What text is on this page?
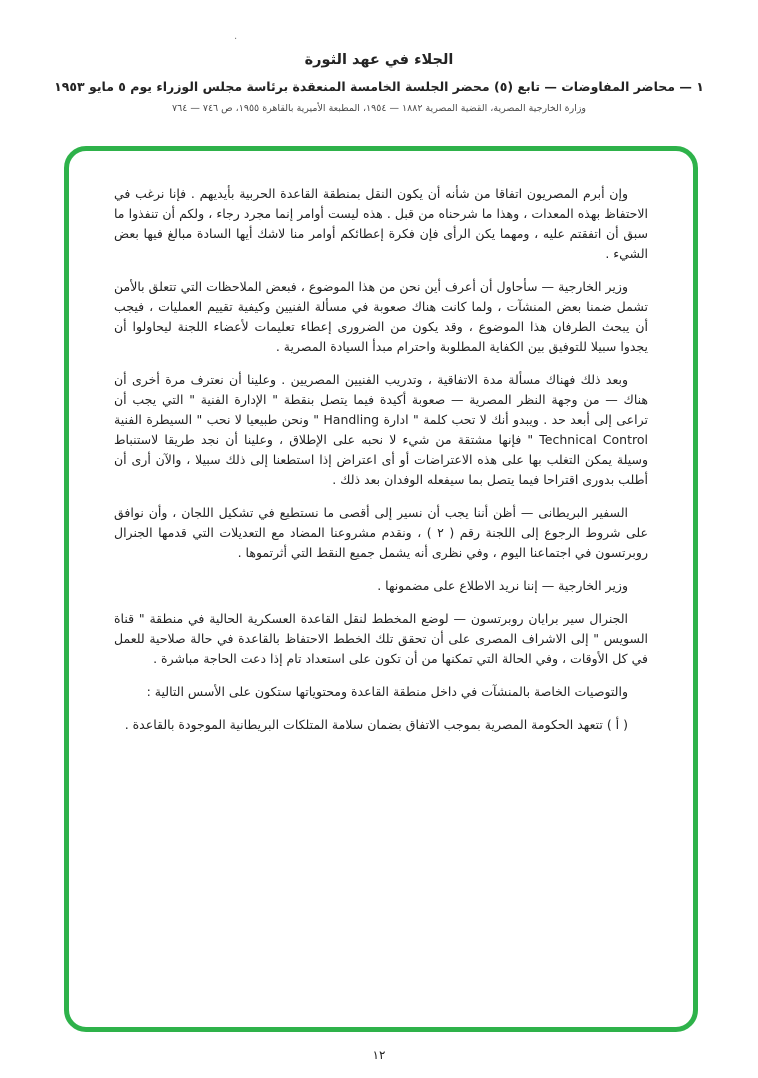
·

الجلاء في عهد الثورة

١ — محاضر المفاوضات — تابع (٥) محضر الجلسة الخامسة المنعقدة برئاسة مجلس الوزراء يوم ٥ مايو ١٩٥٣

وزارة الخارجية المصرية، القضية المصرية ١٨٨٢ — ١٩٥٤، المطبعة الأميرية بالقاهرة ١٩٥٥، ص ٧٤٦ — ٧٦٤

وإن أبرم المصريون اتفاقا من شأنه أن يكون النقل بمنطقة القاعدة الحربية بأيديهم . فإنا نرغب في الاحتفاظ بهذه المعدات ، وهذا ما شرحناه من قبل . هذه ليست أوامر إنما مجرد رجاء ، ولكم أن تنفذوا ما سبق أن اتفقتم عليه ، ومهما يكن الرأى فإن فكرة إعطائكم أوامر منا لاشك أيها السادة مبالغ فيها بعض الشيء .

وزير الخارجية — سأحاول أن أعرف أين نحن من هذا الموضوع ، فبعض الملاحظات التي تتعلق بالأمن تشمل ضمنا بعض المنشآت ، ولما كانت هناك صعوبة في مسألة الفنيين وكيفية تقييم العمليات ، فيجب أن يبحث الطرفان هذا الموضوع ، وقد يكون من الضرورى إعطاء تعليمات لأعضاء اللجنة ليحاولوا أن يجدوا سبيلا للتوفيق بين الكفاية المطلوبة واحترام مبدأ السيادة المصرية .

وبعد ذلك فهناك مسألة مدة الاتفاقية ، وتدريب الفنيين المصريين . وعلينا أن نعترف مرة أخرى أن هناك — من وجهة النظر المصرية — صعوبة أكيدة فيما يتصل بنقطة " الإدارة الفنية " التي يجب أن تراعى إلى أبعد حد . ويبدو أنك لا تحب كلمة " ادارة Handling " ونحن طبيعيا لا نحب " السيطرة الفنية Technical Control " فإنها مشتقة من شيء لا نحبه على الإطلاق ، وعلينا أن نجد طريقا لاستنباط وسيلة يمكن التغلب بها على هذه الاعتراضات أو أى اعتراض إذا استطعنا إلى ذلك سبيلا ، والآن أرى أن أطلب بدورى اقتراحا فيما يتصل بما سيفعله الوفدان بعد ذلك .

السفير البريطانى — أظن أننا يجب أن نسير إلى أقصى ما نستطيع في تشكيل اللجان ، وأن نوافق على شروط الرجوع إلى اللجنة رقم ( ٢ ) ، ونقدم مشروعنا المضاد مع التعديلات التي قدمها الجنرال روبرتسون في اجتماعنا اليوم ، وفي نظرى أنه يشمل جميع النقط التي أثرتموها .

وزير الخارجية — إننا نريد الاطلاع على مضمونها .

الجنرال سير برايان روبرتسون — لوضع المخطط لنقل القاعدة العسكرية الحالية في منطقة " قناة السويس " إلى الاشراف المصرى على أن تحقق تلك الخطط الاحتفاظ بالقاعدة في حالة صلاحية للعمل في كل الأوقات ، وفي الحالة التي تمكنها من أن تكون على استعداد تام إذا دعت الحاجة مباشرة .

والتوصيات الخاصة بالمنشآت في داخل منطقة القاعدة ومحتوياتها ستكون على الأسس التالية :

( أ ) تتعهد الحكومة المصرية بموجب الاتفاق بضمان سلامة المتلكات البريطانية الموجودة بالقاعدة .

١٢
